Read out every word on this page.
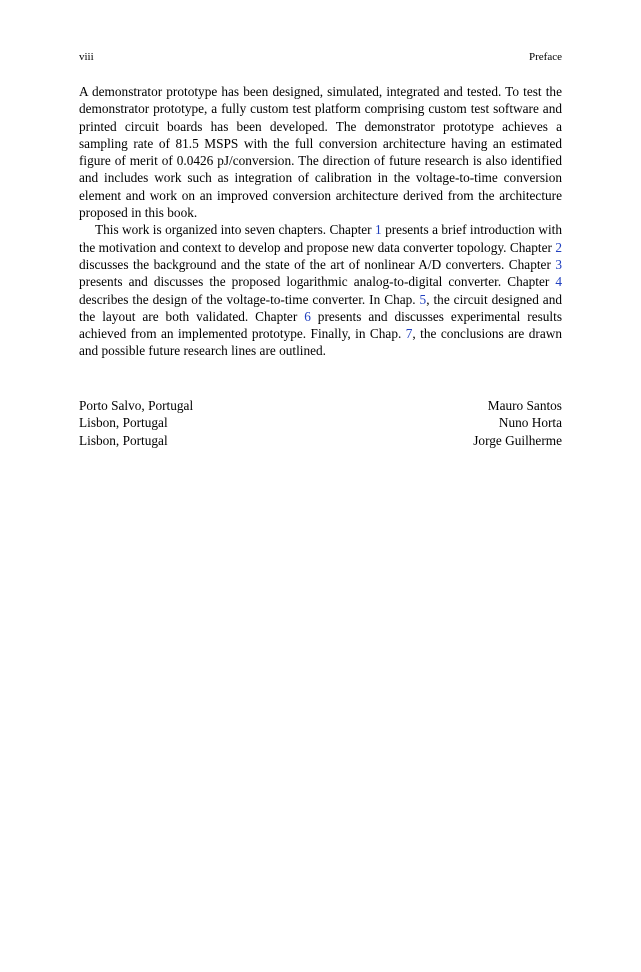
viii	Preface

A demonstrator prototype has been designed, simulated, integrated and tested. To test the demonstrator prototype, a fully custom test platform comprising custom test software and printed circuit boards has been developed. The demonstrator prototype achieves a sampling rate of 81.5 MSPS with the full conversion architecture having an estimated figure of merit of 0.0426 pJ/conversion. The direction of future research is also identified and includes work such as integration of calibration in the voltage-to-time conversion element and work on an improved conversion architecture derived from the architecture proposed in this book.

This work is organized into seven chapters. Chapter 1 presents a brief introduction with the motivation and context to develop and propose new data converter topology. Chapter 2 discusses the background and the state of the art of nonlinear A/D converters. Chapter 3 presents and discusses the proposed logarithmic analog-to-digital converter. Chapter 4 describes the design of the voltage-to-time converter. In Chap. 5, the circuit designed and the layout are both validated. Chapter 6 presents and discusses experimental results achieved from an implemented prototype. Finally, in Chap. 7, the conclusions are drawn and possible future research lines are outlined.

Porto Salvo, Portugal	Mauro Santos
Lisbon, Portugal	Nuno Horta
Lisbon, Portugal	Jorge Guilherme
